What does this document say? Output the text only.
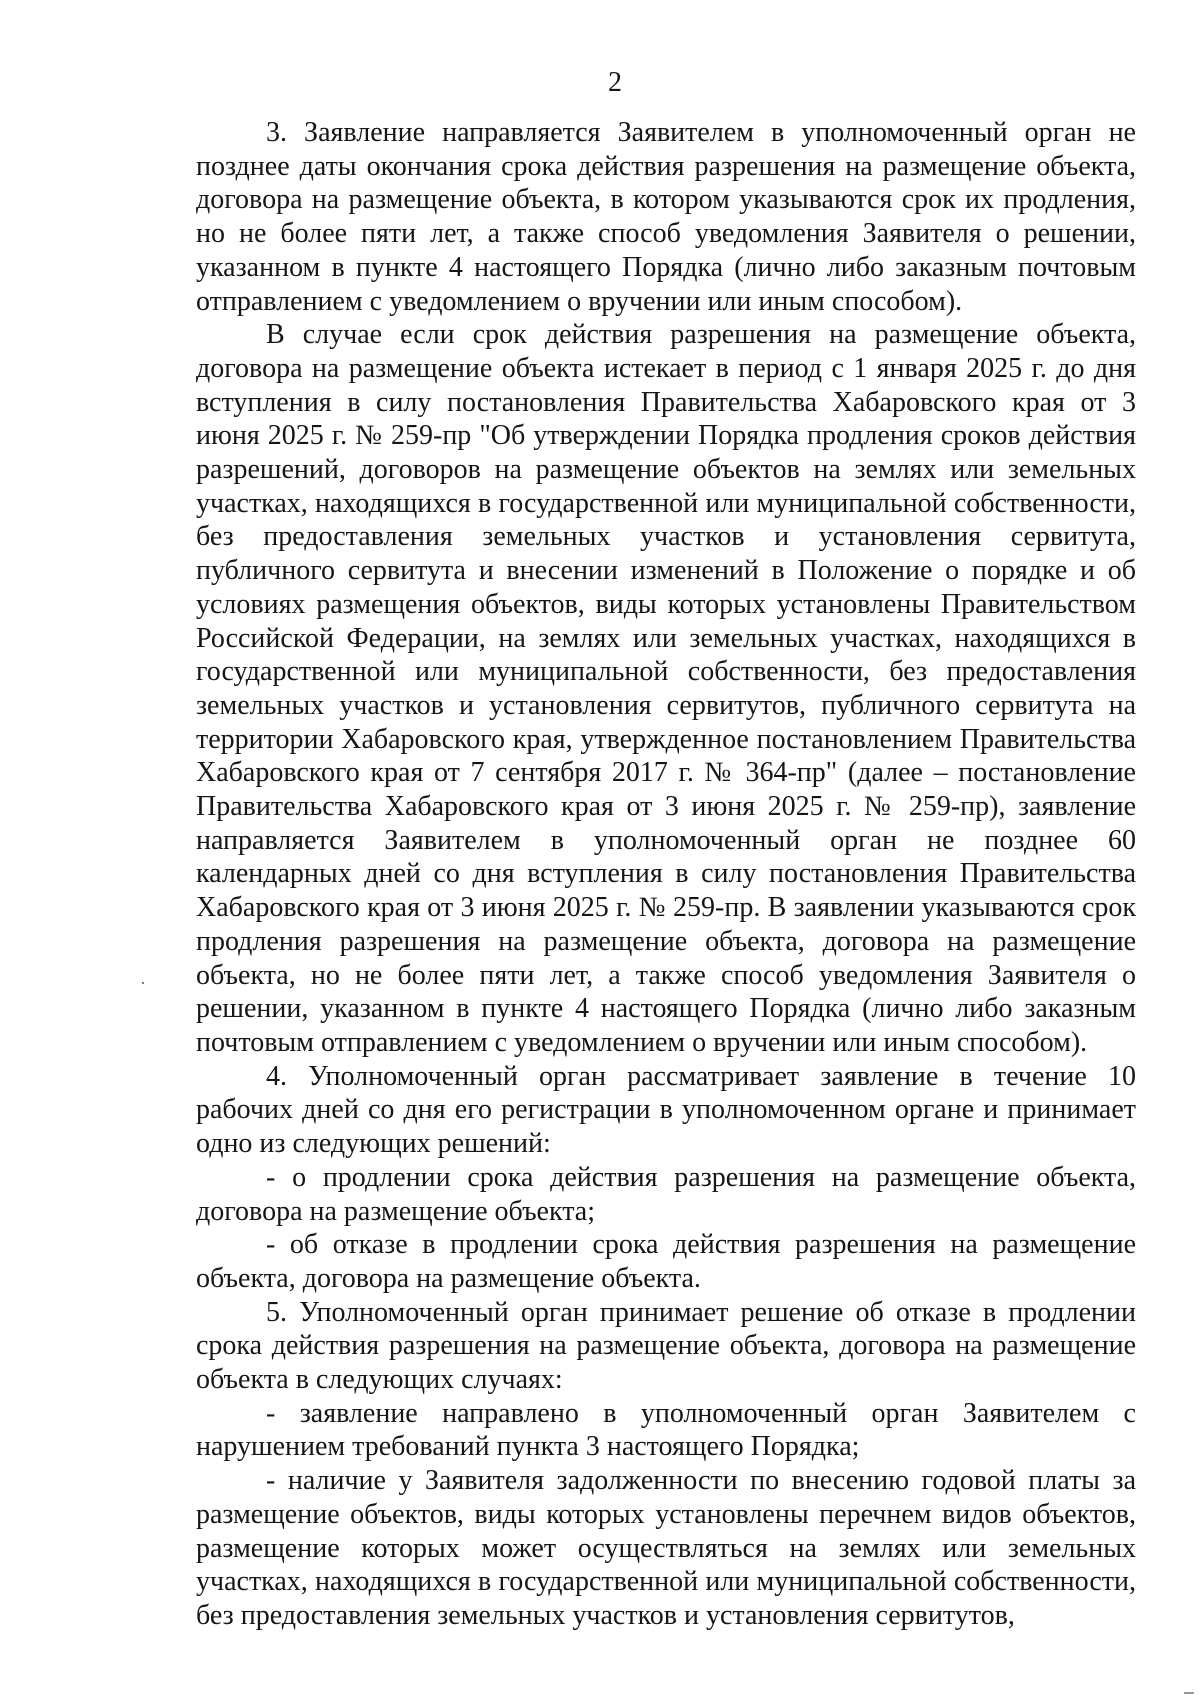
2

3. Заявление направляется Заявителем в уполномоченный орган не позднее даты окончания срока действия разрешения на размещение объекта, договора на размещение объекта, в котором указываются срок их продления, но не более пяти лет, а также способ уведомления Заявителя о решении, указанном в пункте 4 настоящего Порядка (лично либо заказным почтовым отправлением с уведомлением о вручении или иным способом).

В случае если срок действия разрешения на размещение объекта, договора на размещение объекта истекает в период с 1 января 2025 г. до дня вступления в силу постановления Правительства Хабаровского края от 3 июня 2025 г. № 259-пр "Об утверждении Порядка продления сроков действия разрешений, договоров на размещение объектов на землях или земельных участках, находящихся в государственной или муниципальной собственности, без предоставления земельных участков и установления сервитута, публичного сервитута и внесении изменений в Положение о порядке и об условиях размещения объектов, виды которых установлены Правительством Российской Федерации, на землях или земельных участках, находящихся в государственной или муниципальной собственности, без предоставления земельных участков и установления сервитутов, публичного сервитута на территории Хабаровского края, утвержденное постановлением Правительства Хабаровского края от 7 сентября 2017 г. № 364-пр" (далее – постановление Правительства Хабаровского края от 3 июня 2025 г. № 259-пр), заявление направляется Заявителем в уполномоченный орган не позднее 60 календарных дней со дня вступления в силу постановления Правительства Хабаровского края от 3 июня 2025 г. № 259-пр. В заявлении указываются срок продления разрешения на размещение объекта, договора на размещение объекта, но не более пяти лет, а также способ уведомления Заявителя о решении, указанном в пункте 4 настоящего Порядка (лично либо заказным почтовым отправлением с уведомлением о вручении или иным способом).

4. Уполномоченный орган рассматривает заявление в течение 10 рабочих дней со дня его регистрации в уполномоченном органе и принимает одно из следующих решений:

- о продлении срока действия разрешения на размещение объекта, договора на размещение объекта;

- об отказе в продлении срока действия разрешения на размещение объекта, договора на размещение объекта.

5. Уполномоченный орган принимает решение об отказе в продлении срока действия разрешения на размещение объекта, договора на размещение объекта в следующих случаях:

- заявление направлено в уполномоченный орган Заявителем с нарушением требований пункта 3 настоящего Порядка;

- наличие у Заявителя задолженности по внесению годовой платы за размещение объектов, виды которых установлены перечнем видов объектов, размещение которых может осуществляться на землях или земельных участках, находящихся в государственной или муниципальной собственности, без предоставления земельных участков и установления сервитутов,
